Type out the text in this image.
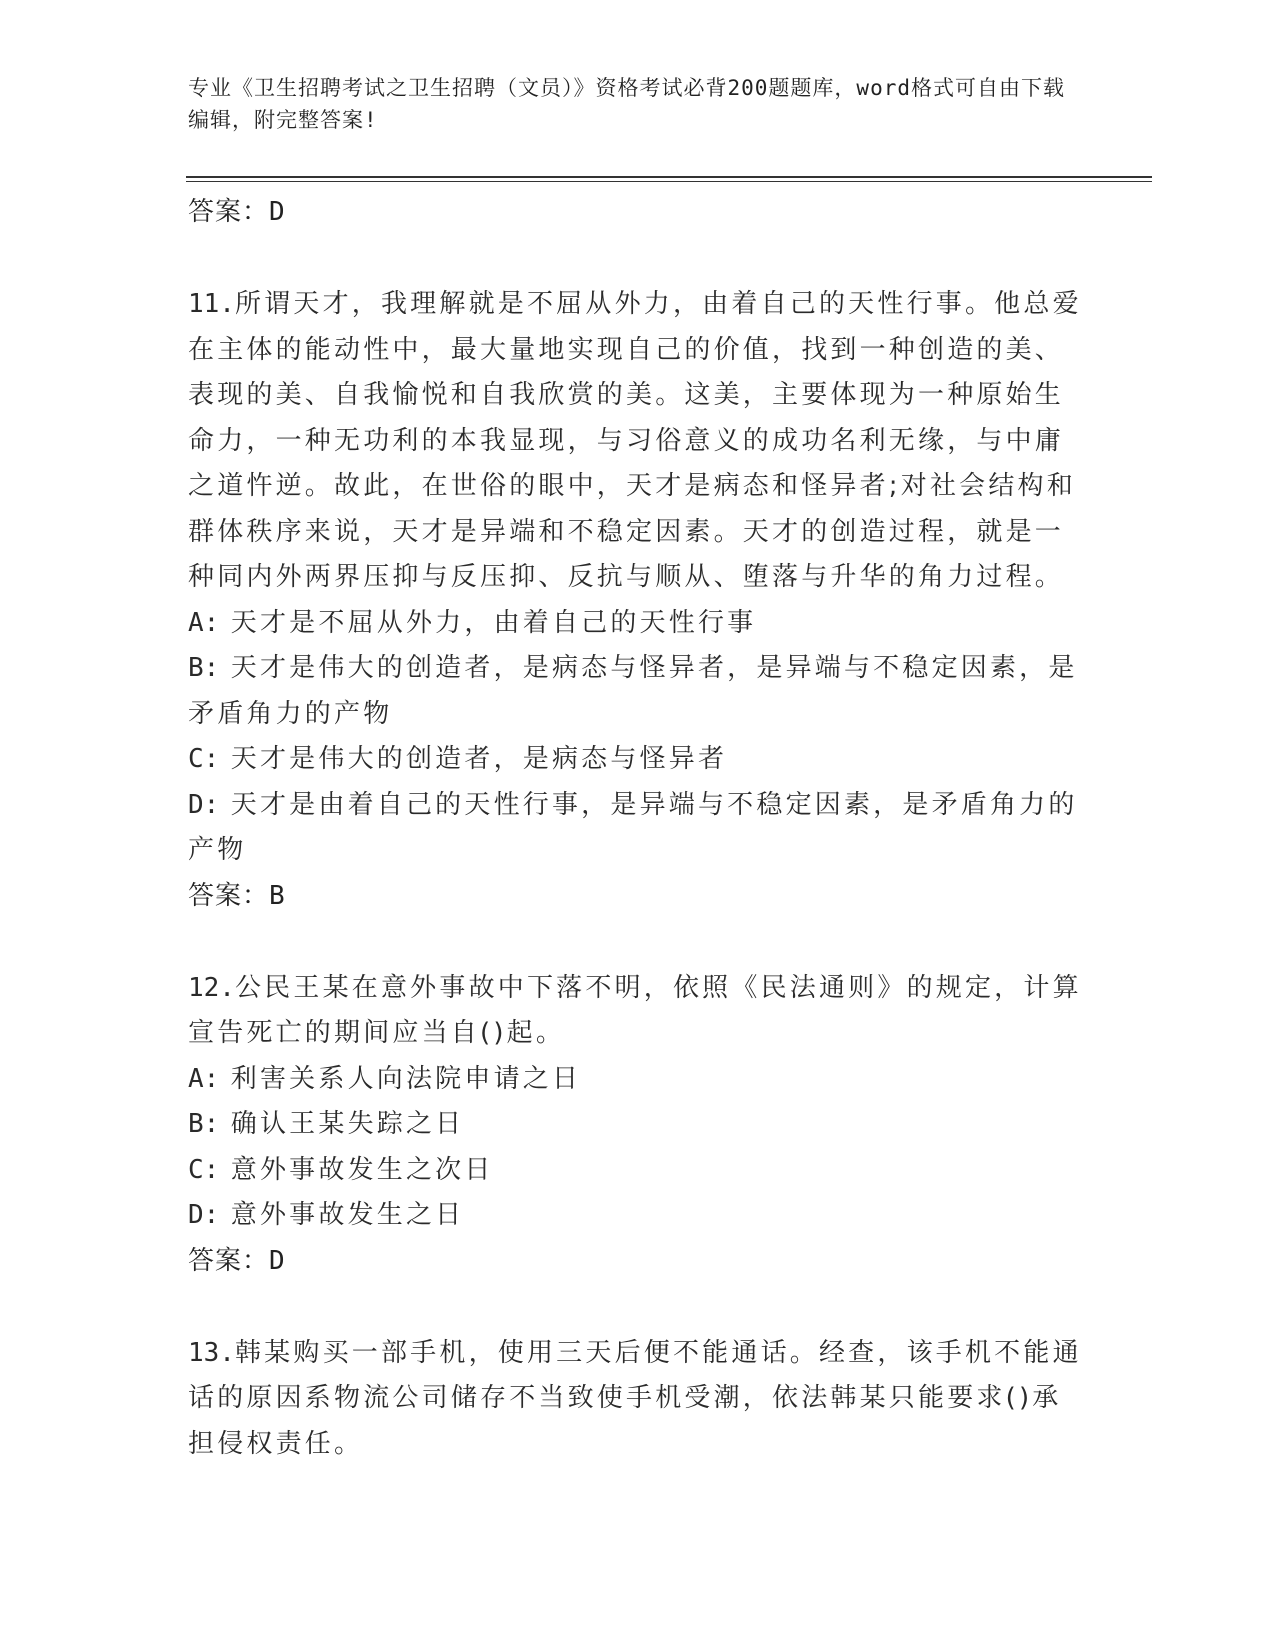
专业《卫生招聘考试之卫生招聘（文员）》资格考试必背200题题库，word格式可自由下载编辑，附完整答案!
答案：D
11.所谓天才，我理解就是不屈从外力，由着自己的天性行事。他总爱在主体的能动性中，最大量地实现自己的价值，找到一种创造的美、表现的美、自我愉悦和自我欣赏的美。这美，主要体现为一种原始生命力，一种无功利的本我显现，与习俗意义的成功名利无缘，与中庸之道忤逆。故此，在世俗的眼中，天才是病态和怪异者;对社会结构和群体秩序来说，天才是异端和不稳定因素。天才的创造过程，就是一种同内外两界压抑与反压抑、反抗与顺从、堕落与升华的角力过程。
A: 天才是不屈从外力，由着自己的天性行事
B: 天才是伟大的创造者，是病态与怪异者，是异端与不稳定因素，是矛盾角力的产物
C: 天才是伟大的创造者，是病态与怪异者
D: 天才是由着自己的天性行事，是异端与不稳定因素，是矛盾角力的产物
答案：B
12.公民王某在意外事故中下落不明，依照《民法通则》的规定，计算宣告死亡的期间应当自()起。
A: 利害关系人向法院申请之日
B: 确认王某失踪之日
C: 意外事故发生之次日
D: 意外事故发生之日
答案：D
13.韩某购买一部手机，使用三天后便不能通话。经查，该手机不能通话的原因系物流公司储存不当致使手机受潮，依法韩某只能要求()承担侵权责任。
